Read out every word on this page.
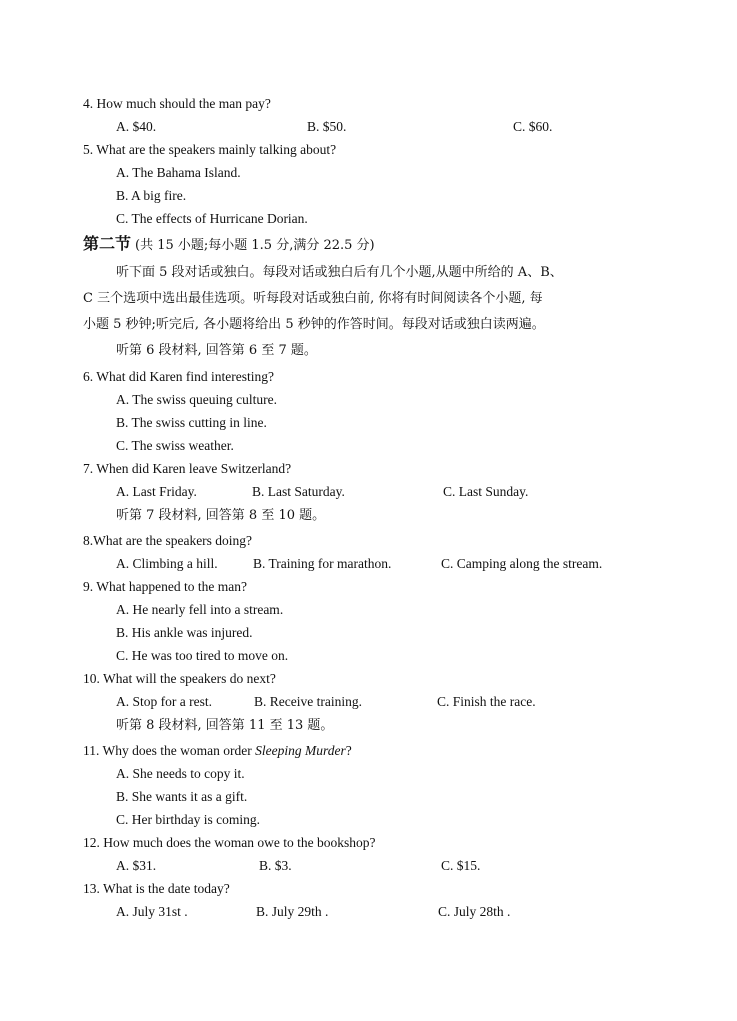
4. How much should the man pay?
A. $40.	B. $50.	C. $60.
5. What are the speakers mainly talking about?
A. The Bahama Island.
B. A big fire.
C. The effects of Hurricane Dorian.
第二节 (共 15 小题;每小题 1.5 分,满分 22.5 分)
听下面 5 段对话或独白。每段对话或独白后有几个小题,从题中所给的 A、B、
C 三个选项中选出最佳选项。听每段对话或独白前, 你将有时间阅读各个小题, 每
小题 5 秒钟;听完后, 各小题将给出 5 秒钟的作答时间。每段对话或独白读两遍。
听第 6 段材料, 回答第 6 至 7 题。
6. What did Karen find interesting?
A. The swiss queuing culture.
B. The swiss cutting in line.
C. The swiss weather.
7. When did Karen leave Switzerland?
A. Last Friday.	B. Last Saturday.	C. Last Sunday.
听第 7 段材料, 回答第 8 至 10 题。
8.What are the speakers doing?
A. Climbing a hill.	B. Training for marathon.	C. Camping along the stream.
9. What happened to the man?
A. He nearly fell into a stream.
B. His ankle was injured.
C. He was too tired to move on.
10. What will the speakers do next?
A. Stop for a rest.	B. Receive training.	C. Finish the race.
听第 8 段材料, 回答第 11 至 13 题。
11. Why does the woman order Sleeping Murder?
A. She needs to copy it.
B. She wants it as a gift.
C. Her birthday is coming.
12. How much does the woman owe to the bookshop?
A. $31.	B. $3.	C. $15.
13. What is the date today?
A. July 31st .	B. July 29th .	C. July 28th .
